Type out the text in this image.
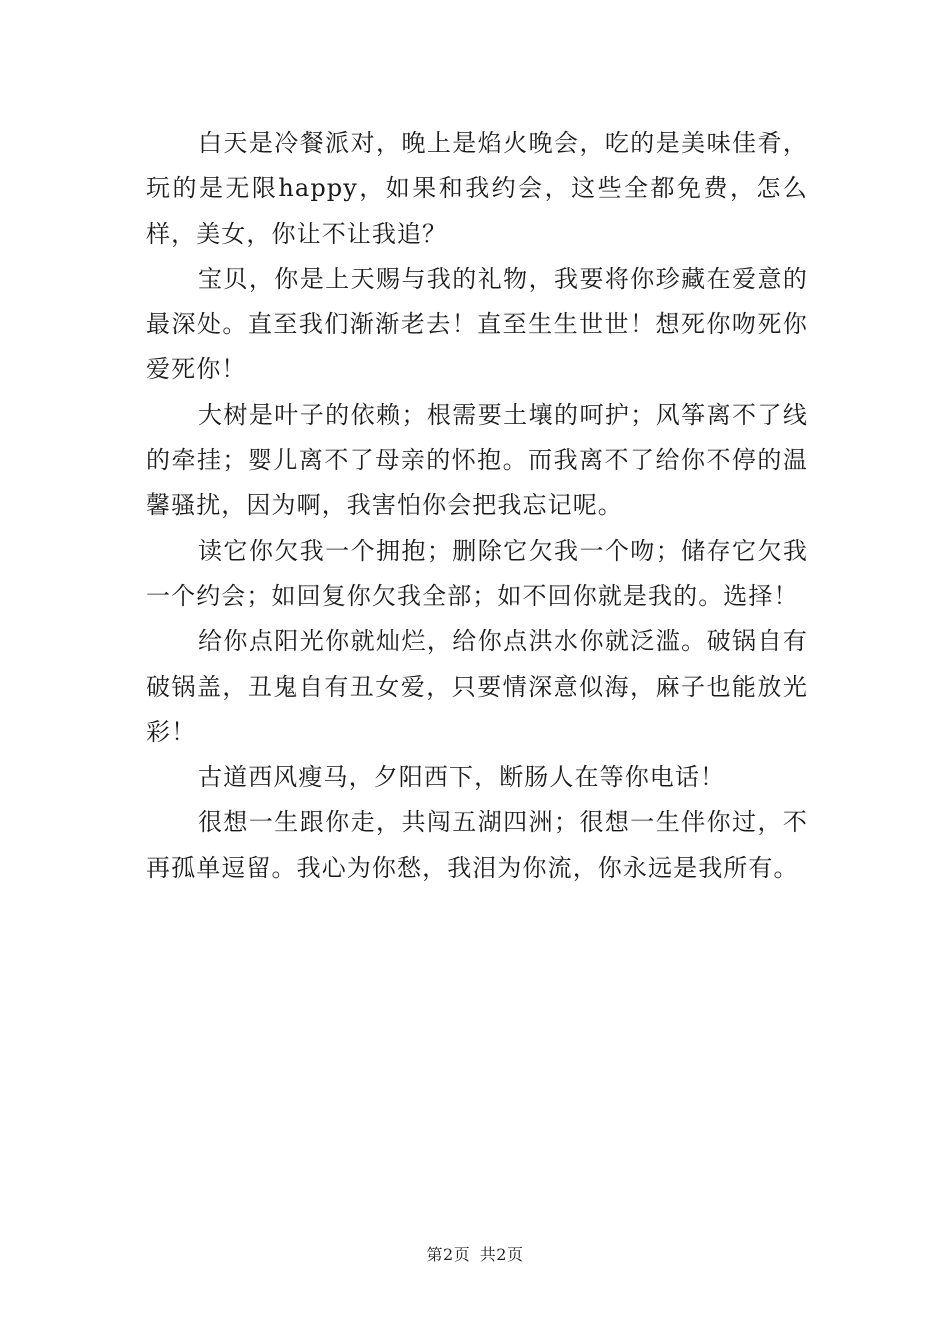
白天是冷餐派对，晚上是焰火晚会，吃的是美味佳肴，玩的是无限happy，如果和我约会，这些全都免费，怎么样，美女，你让不让我追？

宝贝，你是上天赐与我的礼物，我要将你珍藏在爱意的最深处。直至我们渐渐老去！直至生生世世！想死你吻死你爱死你！

大树是叶子的依赖；根需要土壤的呵护；风筝离不了线的牵挂；婴儿离不了母亲的怀抱。而我离不了给你不停的温馨骚扰，因为啊，我害怕你会把我忘记呢。

读它你欠我一个拥抱；删除它欠我一个吻；储存它欠我一个约会；如回复你欠我全部；如不回你就是我的。选择！

给你点阳光你就灿烂，给你点洪水你就泛滥。破锅自有破锅盖，丑鬼自有丑女爱，只要情深意似海，麻子也能放光彩！

古道西风瘦马，夕阳西下，断肠人在等你电话！

很想一生跟你走，共闯五湖四洲；很想一生伴你过，不再孤单逗留。我心为你愁，我泪为你流，你永远是我所有。

第2页 共2页
